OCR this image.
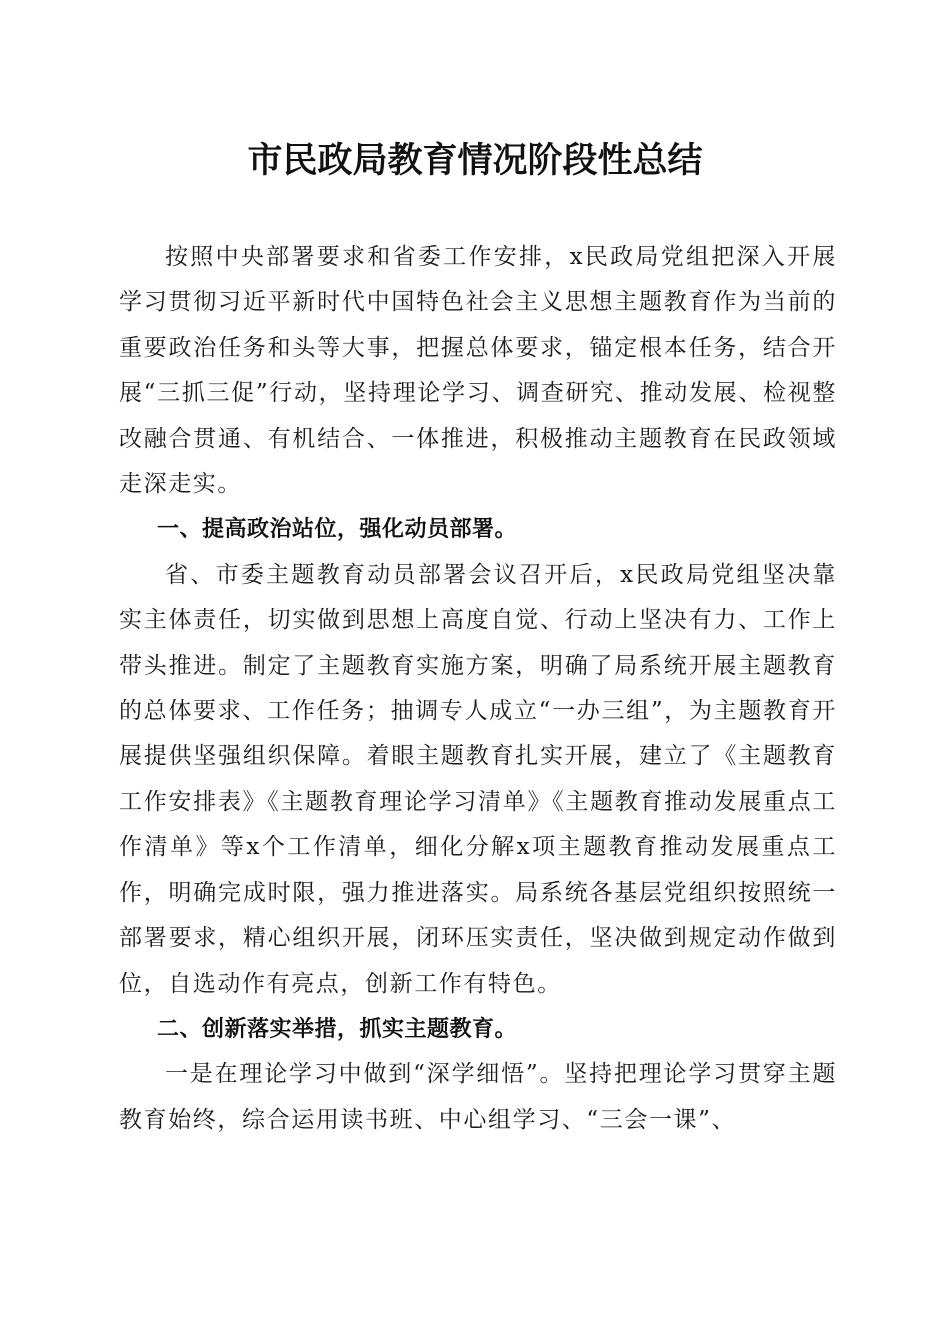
市民政局教育情况阶段性总结

按照中央部署要求和省委工作安排，x民政局党组把深入开展学习贯彻习近平新时代中国特色社会主义思想主题教育作为当前的重要政治任务和头等大事，把握总体要求，锚定根本任务，结合开展“三抓三促”行动，坚持理论学习、调查研究、推动发展、检视整改融合贯通、有机结合、一体推进，积极推动主题教育在民政领域走深走实。

一、提高政治站位，强化动员部署。

省、市委主题教育动员部署会议召开后，x民政局党组坚决靠实主体责任，切实做到思想上高度自觉、行动上坚决有力、工作上带头推进。制定了主题教育实施方案，明确了局系统开展主题教育的总体要求、工作任务；抽调专人成立“一办三组”，为主题教育开展提供坚强组织保障。着眼主题教育扎实开展，建立了《主题教育工作安排表》《主题教育理论学习清单》《主题教育推动发展重点工作清单》等x个工作清单，细化分解x项主题教育推动发展重点工作，明确完成时限，强力推进落实。局系统各基层党组织按照统一部署要求，精心组织开展，闭环压实责任，坚决做到规定动作做到位，自选动作有亮点，创新工作有特色。

二、创新落实举措，抓实主题教育。

一是在理论学习中做到“深学细悟”。坚持把理论学习贯穿主题教育始终，综合运用读书班、中心组学习、“三会一课”、
